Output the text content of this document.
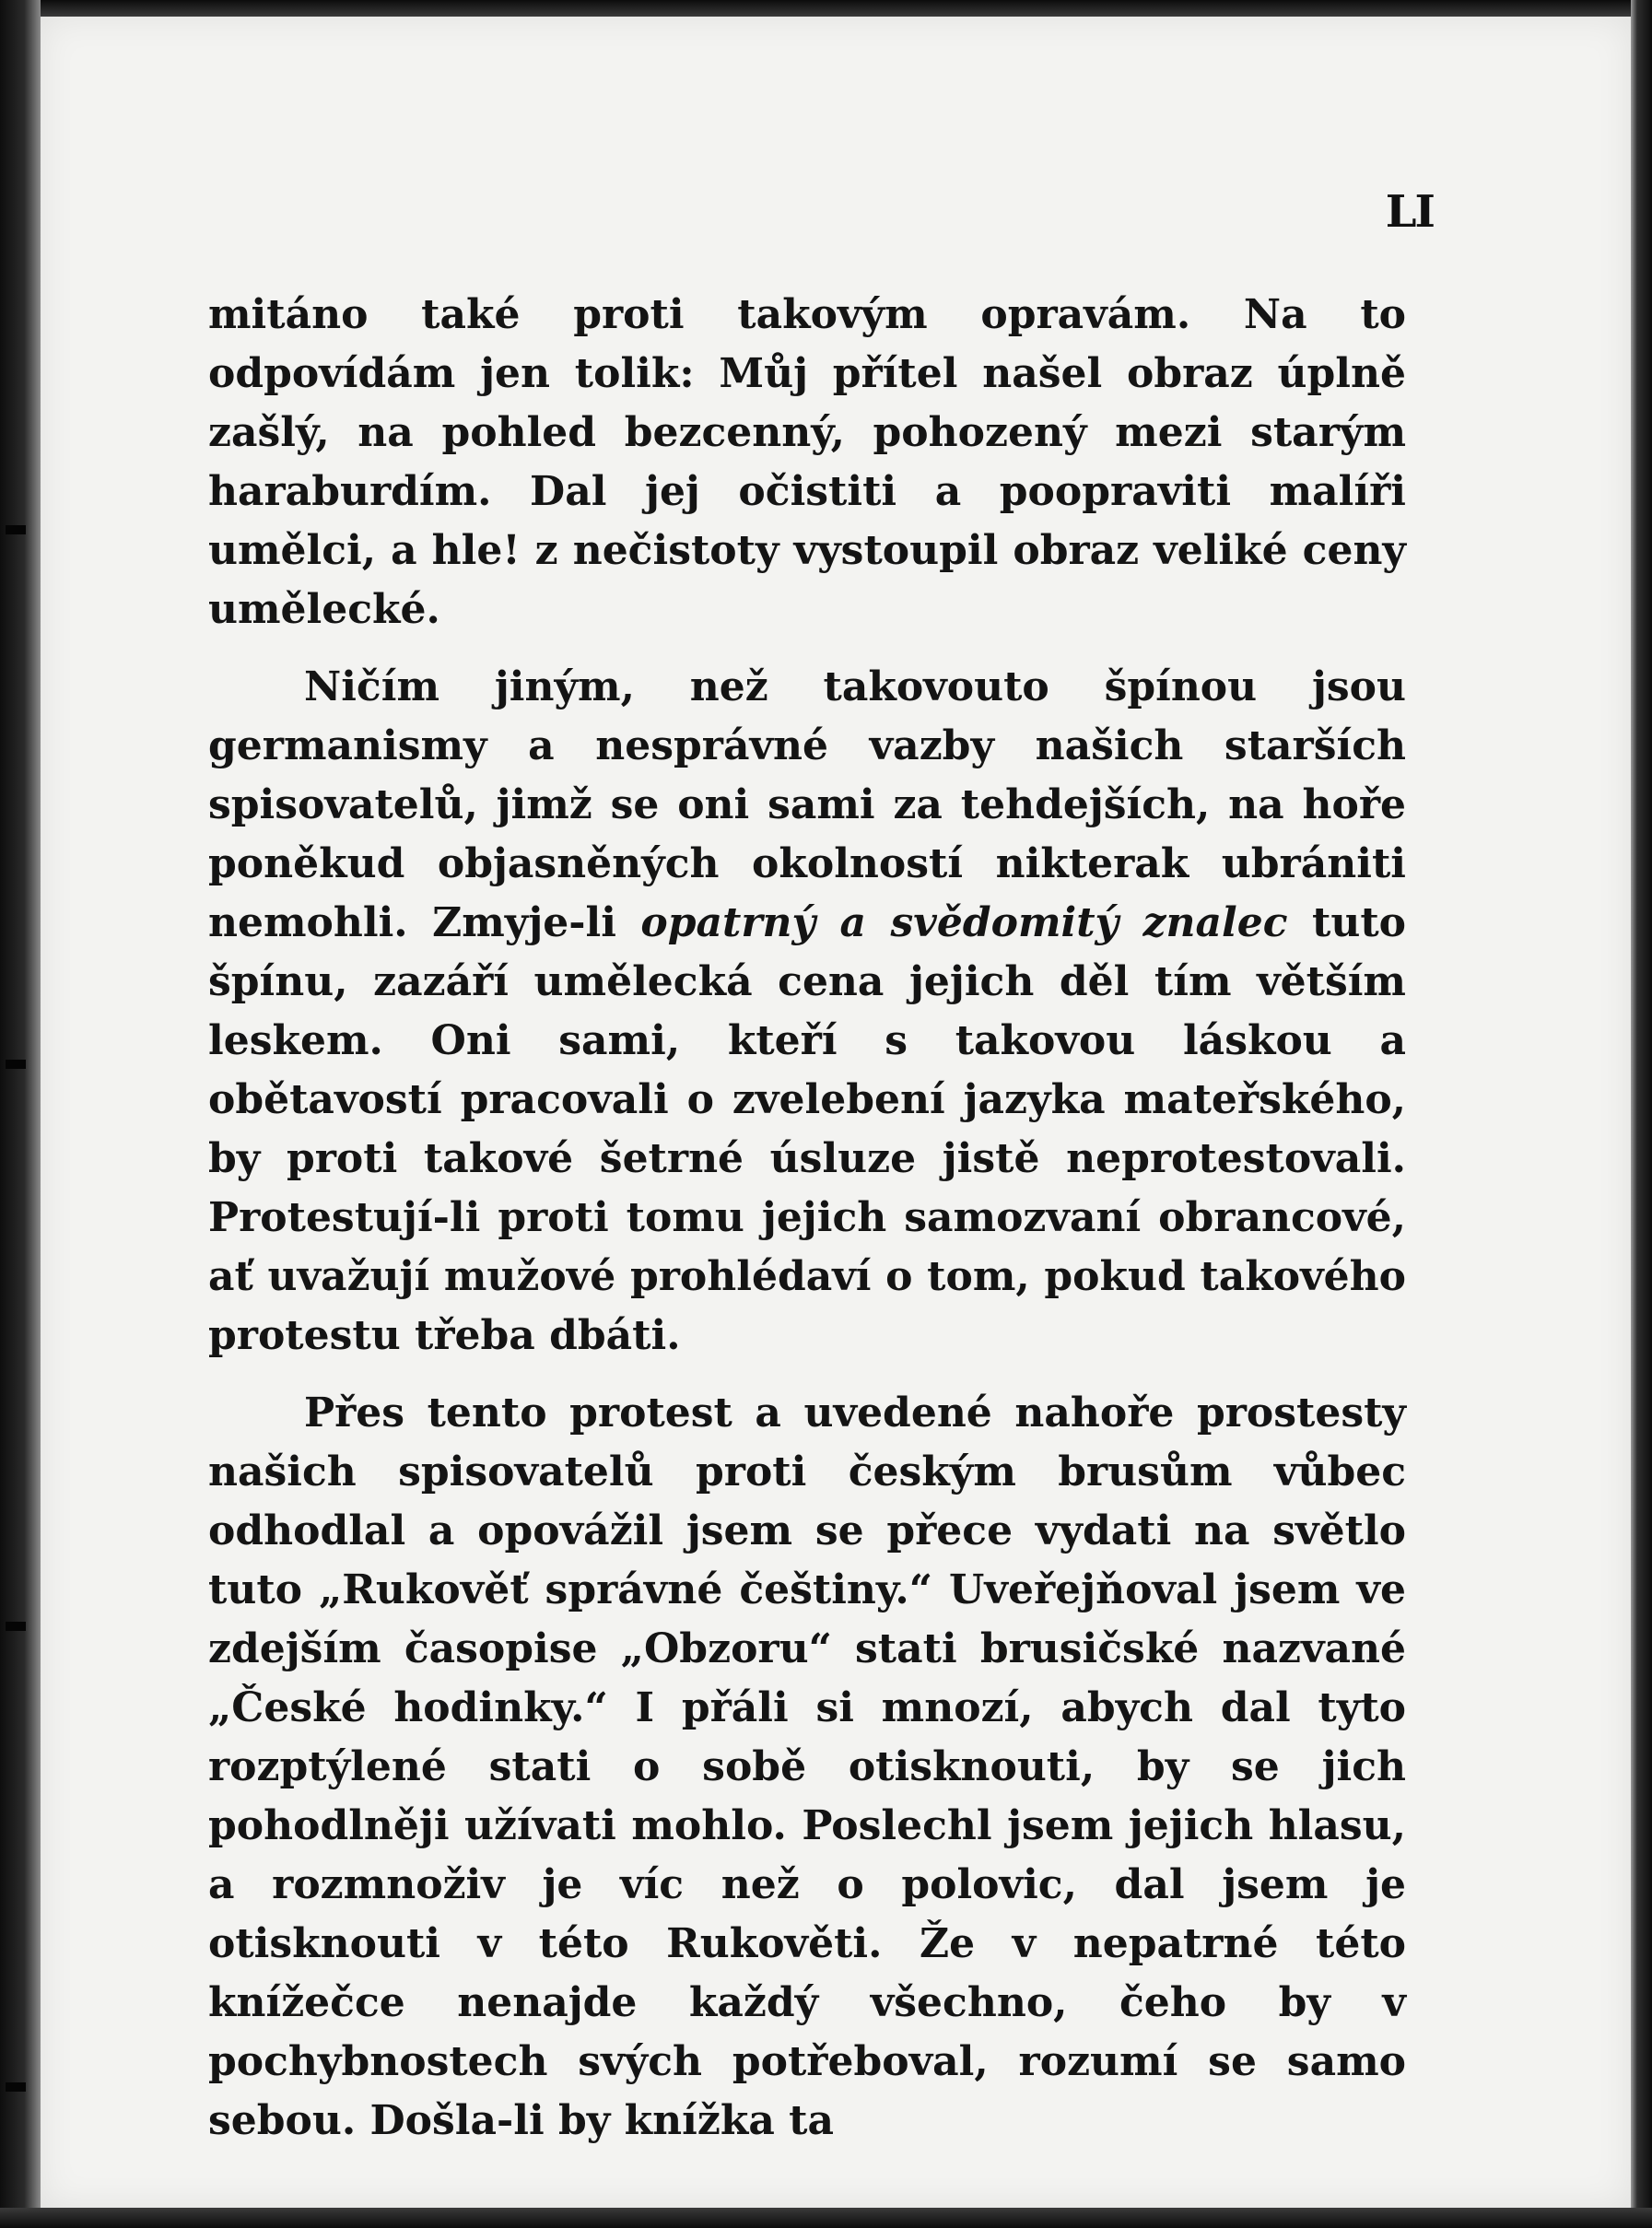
LI

mitáno také proti takovým opravám. Na to odpovídám jen tolik: Můj přítel našel obraz úplně zašlý, na pohled bezcenný, pohozený mezi starým haraburdím. Dal jej očistiti a poopraviti malíři umělci, a hle! z nečistoty vystoupil obraz veliké ceny umělecké.

Ničím jiným, než takovouto špínou jsou germanismy a nesprávné vazby našich starších spisovatelů, jimž se oni sami za tehdejších, na hoře poněkud objasněných okolností nikterak ubrániti nemohli. Zmyje-li opatrný a svědomitý znalec tuto špínu, zazáří umělecká cena jejich děl tím větším leskem. Oni sami, kteří s takovou láskou a obětavostí pracovali o zvelebení jazyka mateřského, by proti takové šetrné úsluze jistě neprotestovali. Protestují-li proti tomu jejich samozvaní obrancové, ať uvažují mužové prohlédaví o tom, pokud takového protestu třeba dbáti.

Přes tento protest a uvedené nahoře prostesty našich spisovatelů proti českým brusům vůbec odhodlal a opovážil jsem se přece vydati na světlo tuto „Rukověť správné češtiny.“ Uveřejňoval jsem ve zdejším časopise „Obzoru“ stati brusičské nazvané „České hodinky.“ I přáli si mnozí, abych dal tyto rozptýlené stati o sobě otisknouti, by se jich pohodlněji užívati mohlo. Poslechl jsem jejich hlasu, a rozmnoživ je víc než o polovic, dal jsem je otisknouti v této Rukověti. Že v nepatrné této knížečce nenajde každý všechno, čeho by v pochybnostech svých potřeboval, rozumí se samo sebou. Došla-li by knížka ta
